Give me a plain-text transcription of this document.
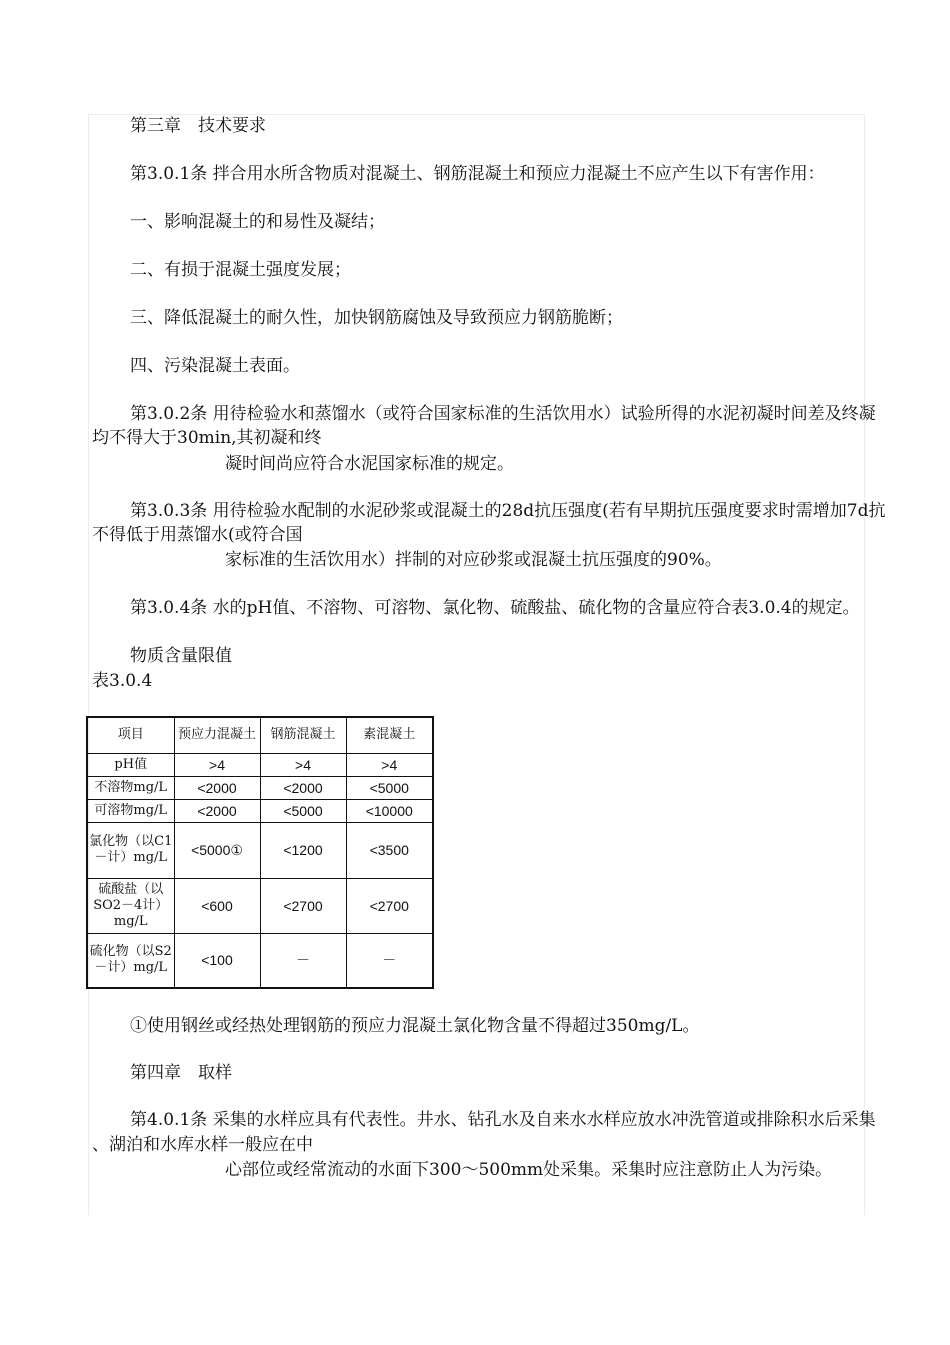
第三章　技术要求
第3.0.1条 拌合用水所含物质对混凝土、钢筋混凝土和预应力混凝土不应产生以下有害作用：
一、影响混凝土的和易性及凝结；
二、有损于混凝土强度发展；
三、降低混凝土的耐久性，加快钢筋腐蚀及导致预应力钢筋脆断；
四、污染混凝土表面。
第3.0.2条 用待检验水和蒸馏水（或符合国家标准的生活饮用水）试验所得的水泥初凝时间差及终凝
均不得大于30min,其初凝和终
凝时间尚应符合水泥国家标准的规定。
第3.0.3条 用待检验水配制的水泥砂浆或混凝土的28d抗压强度(若有早期抗压强度要求时需增加7d抗
不得低于用蒸馏水(或符合国
家标准的生活饮用水）拌制的对应砂浆或混凝土抗压强度的90%。
第3.0.4条 水的pH值、不溶物、可溶物、氯化物、硫酸盐、硫化物的含量应符合表3.0.4的规定。
物质含量限值
表3.0.4
项目	预应力混凝土	钢筋混凝土	素混凝土
pH值	>4	>4	>4
不溶物mg/L	<2000	<2000	<5000
可溶物mg/L	<2000	<5000	<10000
氯化物（以C1－计）mg/L	<5000①	<1200	<3500
硫酸盐（以SO2－4计）mg/L	<600	<2700	<2700
硫化物（以S2－计）mg/L	<100	－	－
①使用钢丝或经热处理钢筋的预应力混凝土氯化物含量不得超过350mg/L。
第四章　取样
第4.0.1条 采集的水样应具有代表性。井水、钻孔水及自来水水样应放水冲洗管道或排除积水后采集
、湖泊和水库水样一般应在中
心部位或经常流动的水面下300～500mm处采集。采集时应注意防止人为污染。
